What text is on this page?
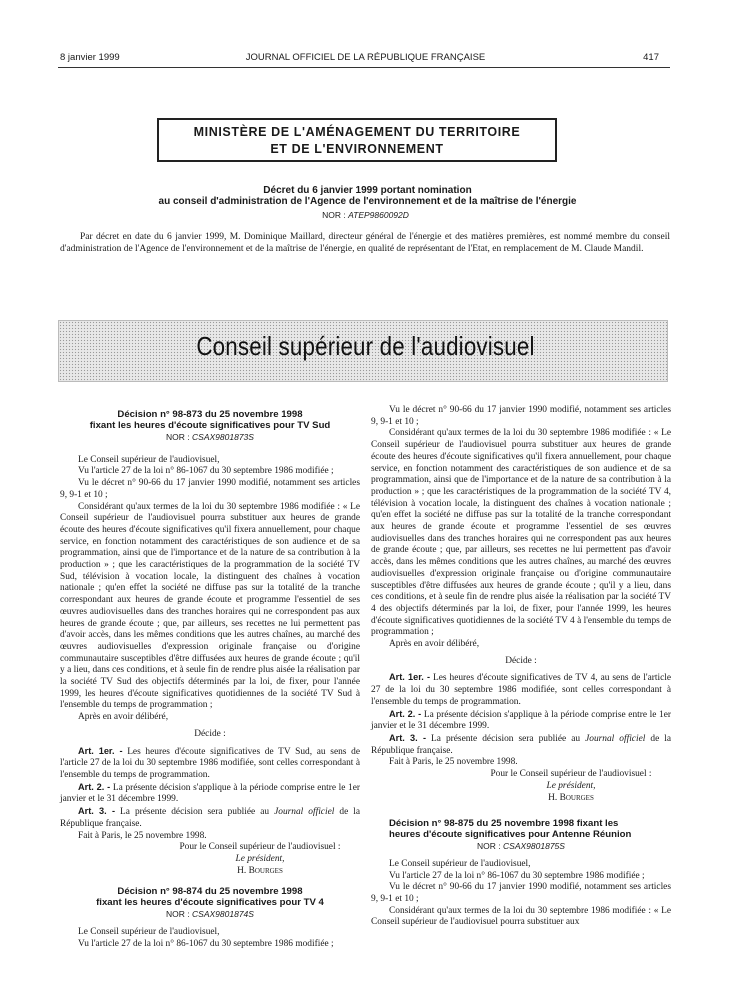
8 janvier 1999	JOURNAL OFFICIEL DE LA RÉPUBLIQUE FRANÇAISE	417
MINISTÈRE DE L'AMÉNAGEMENT DU TERRITOIRE
ET DE L'ENVIRONNEMENT
Décret du 6 janvier 1999 portant nomination
au conseil d'administration de l'Agence de l'environnement et de la maîtrise de l'énergie
NOR : ATEP9860092D

Par décret en date du 6 janvier 1999, M. Dominique Maillard, directeur général de l'énergie et des matières premières, est nommé membre du conseil d'administration de l'Agence de l'environnement et de la maîtrise de l'énergie, en qualité de représentant de l'Etat, en remplacement de M. Claude Mandil.

Conseil supérieur de l'audiovisuel
Décision n° 98-873 du 25 novembre 1998
fixant les heures d'écoute significatives pour TV Sud
NOR : CSAX9801873S

Le Conseil supérieur de l'audiovisuel,

Vu l'article 27 de la loi n° 86-1067 du 30 septembre 1986 modifiée ;

Vu le décret n° 90-66 du 17 janvier 1990 modifié, notamment ses articles 9, 9-1 et 10 ;

Considérant qu'aux termes de la loi du 30 septembre 1986 modifiée : « Le Conseil supérieur de l'audiovisuel pourra substituer aux heures de grande écoute des heures d'écoute significatives qu'il fixera annuellement, pour chaque service, en fonction notamment des caractéristiques de son audience et de sa programmation, ainsi que de l'importance et de la nature de sa contribution à la production » ; que les caractéristiques de la programmation de la société TV Sud, télévision à vocation locale, la distinguent des chaînes à vocation nationale ; qu'en effet la société ne diffuse pas sur la totalité de la tranche correspondant aux heures de grande écoute et programme l'essentiel de ses œuvres audiovisuelles dans des tranches horaires qui ne correspondent pas aux heures de grande écoute ; que, par ailleurs, ses recettes ne lui permettent pas d'avoir accès, dans les mêmes conditions que les autres chaînes, au marché des œuvres audiovisuelles d'expression originale française ou d'origine communautaire susceptibles d'être diffusées aux heures de grande écoute ; qu'il y a lieu, dans ces conditions, et à seule fin de rendre plus aisée la réalisation par la société TV Sud des objectifs déterminés par la loi, de fixer, pour l'année 1999, les heures d'écoute significatives quotidiennes de la société TV Sud à l'ensemble du temps de programmation ;

Après en avoir délibéré,

Décide :

Art. 1er. - Les heures d'écoute significatives de TV Sud, au sens de l'article 27 de la loi du 30 septembre 1986 modifiée, sont celles correspondant à l'ensemble du temps de programmation.

Art. 2. - La présente décision s'applique à la période comprise entre le 1er janvier et le 31 décembre 1999.

Art. 3. - La présente décision sera publiée au Journal officiel de la République française.

Fait à Paris, le 25 novembre 1998.

Pour le Conseil supérieur de l'audiovisuel :

Le président,

H. Bourges

Décision n° 98-874 du 25 novembre 1998
fixant les heures d'écoute significatives pour TV 4
NOR : CSAX9801874S

Le Conseil supérieur de l'audiovisuel,

Vu l'article 27 de la loi n° 86-1067 du 30 septembre 1986 modifiée ;

Vu le décret n° 90-66 du 17 janvier 1990 modifié, notamment ses articles 9, 9-1 et 10 ;

Considérant qu'aux termes de la loi du 30 septembre 1986 modifiée : « Le Conseil supérieur de l'audiovisuel pourra substituer aux heures de grande écoute des heures d'écoute significatives qu'il fixera annuellement, pour chaque service, en fonction notamment des caractéristiques de son audience et de sa programmation, ainsi que de l'importance et de la nature de sa contribution à la production » ; que les caractéristiques de la programmation de la société TV 4, télévision à vocation locale, la distinguent des chaînes à vocation nationale ; qu'en effet la société ne diffuse pas sur la totalité de la tranche correspondant aux heures de grande écoute et programme l'essentiel de ses œuvres audiovisuelles dans des tranches horaires qui ne correspondent pas aux heures de grande écoute ; que, par ailleurs, ses recettes ne lui permettent pas d'avoir accès, dans les mêmes conditions que les autres chaînes, au marché des œuvres audiovisuelles d'expression originale française ou d'origine communautaire susceptibles d'être diffusées aux heures de grande écoute ; qu'il y a lieu, dans ces conditions, et à seule fin de rendre plus aisée la réalisation par la société TV 4 des objectifs déterminés par la loi, de fixer, pour l'année 1999, les heures d'écoute significatives quotidiennes de la société TV 4 à l'ensemble du temps de programmation ;

Après en avoir délibéré,

Décide :

Art. 1er. - Les heures d'écoute significatives de TV 4, au sens de l'article 27 de la loi du 30 septembre 1986 modifiée, sont celles correspondant à l'ensemble du temps de programmation.

Art. 2. - La présente décision s'applique à la période comprise entre le 1er janvier et le 31 décembre 1999.

Art. 3. - La présente décision sera publiée au Journal officiel de la République française.

Fait à Paris, le 25 novembre 1998.

Pour le Conseil supérieur de l'audiovisuel :

Le président,

H. Bourges

Décision n° 98-875 du 25 novembre 1998 fixant les heures d'écoute significatives pour Antenne Réunion
NOR : CSAX9801875S

Le Conseil supérieur de l'audiovisuel,

Vu l'article 27 de la loi n° 86-1067 du 30 septembre 1986 modifiée ;

Vu le décret n° 90-66 du 17 janvier 1990 modifié, notamment ses articles 9, 9-1 et 10 ;

Considérant qu'aux termes de la loi du 30 septembre 1986 modifiée : « Le Conseil supérieur de l'audiovisuel pourra substituer aux
